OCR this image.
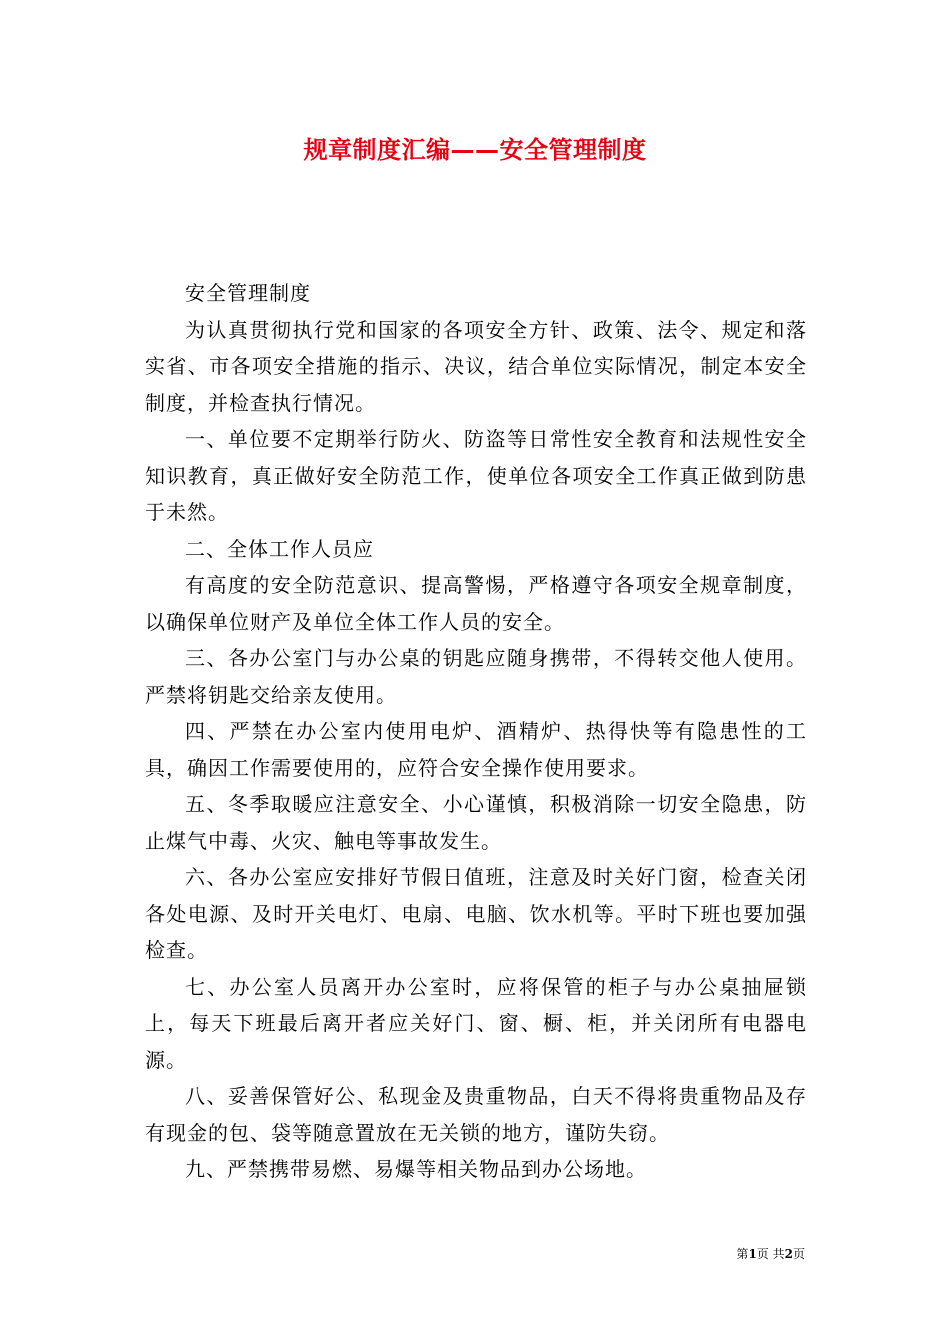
规章制度汇编——安全管理制度

安全管理制度

为认真贯彻执行党和国家的各项安全方针、政策、法令、规定和落实省、市各项安全措施的指示、决议，结合单位实际情况，制定本安全制度，并检查执行情况。

一、单位要不定期举行防火、防盗等日常性安全教育和法规性安全知识教育，真正做好安全防范工作，使单位各项安全工作真正做到防患于未然。

二、全体工作人员应

有高度的安全防范意识、提高警惕，严格遵守各项安全规章制度，以确保单位财产及单位全体工作人员的安全。

三、各办公室门与办公桌的钥匙应随身携带，不得转交他人使用。严禁将钥匙交给亲友使用。

四、严禁在办公室内使用电炉、酒精炉、热得快等有隐患性的工具，确因工作需要使用的，应符合安全操作使用要求。

五、冬季取暖应注意安全、小心谨慎，积极消除一切安全隐患，防止煤气中毒、火灾、触电等事故发生。

六、各办公室应安排好节假日值班，注意及时关好门窗，检查关闭各处电源、及时开关电灯、电扇、电脑、饮水机等。平时下班也要加强检查。

七、办公室人员离开办公室时，应将保管的柜子与办公桌抽屉锁上，每天下班最后离开者应关好门、窗、橱、柜，并关闭所有电器电源。

八、妥善保管好公、私现金及贵重物品，白天不得将贵重物品及存有现金的包、袋等随意置放在无关锁的地方，谨防失窃。

九、严禁携带易燃、易爆等相关物品到办公场地。

第1页 共2页
